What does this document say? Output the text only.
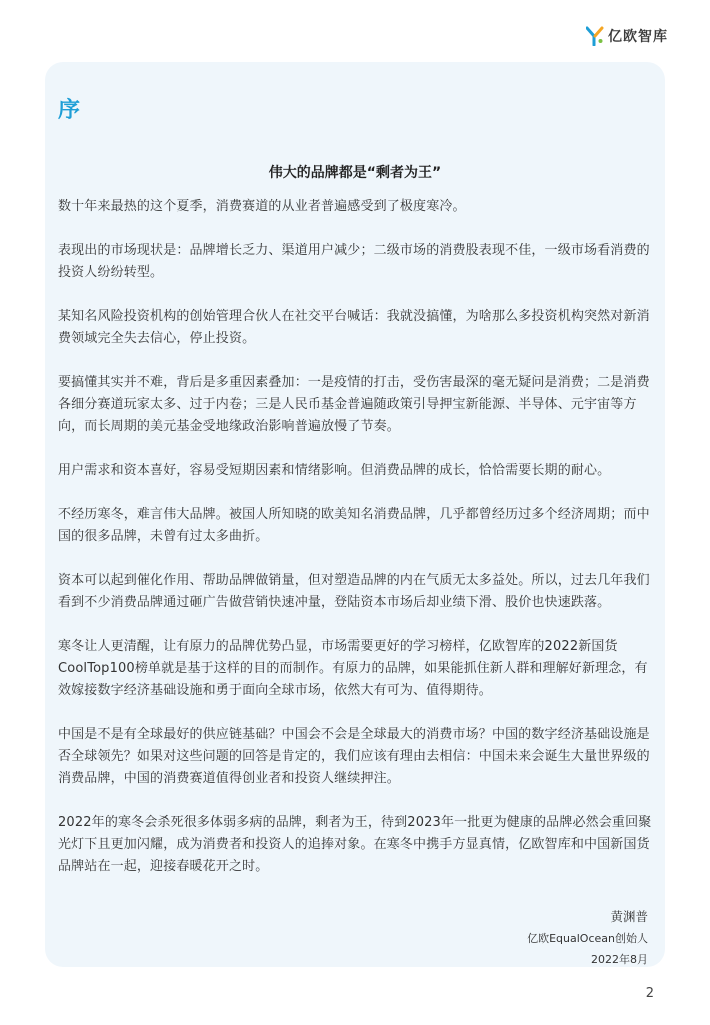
亿欧智库
序
伟大的品牌都是“剩者为王”
数十年来最热的这个夏季，消费赛道的从业者普遍感受到了极度寒冷。
表现出的市场现状是：品牌增长乏力、渠道用户减少；二级市场的消费股表现不佳，一级市场看消费的投资人纷纷转型。
某知名风险投资机构的创始管理合伙人在社交平台喊话：我就没搞懂，为啥那么多投资机构突然对新消费领域完全失去信心，停止投资。
要搞懂其实并不难，背后是多重因素叠加：一是疫情的打击，受伤害最深的毫无疑问是消费；二是消费各细分赛道玩家太多、过于内卷；三是人民币基金普遍随政策引导押宝新能源、半导体、元宇宙等方向，而长周期的美元基金受地缘政治影响普遍放慢了节奏。
用户需求和资本喜好，容易受短期因素和情绪影响。但消费品牌的成长，恰恰需要长期的耐心。
不经历寒冬，难言伟大品牌。被国人所知晓的欧美知名消费品牌，几乎都曾经历过多个经济周期；而中国的很多品牌，未曾有过太多曲折。
资本可以起到催化作用、帮助品牌做销量，但对塑造品牌的内在气质无太多益处。所以，过去几年我们看到不少消费品牌通过砸广告做营销快速冲量，登陆资本市场后却业绩下滑、股价也快速跌落。
寒冬让人更清醒，让有原力的品牌优势凸显，市场需要更好的学习榜样，亿欧智库的2022新国货CoolTop100榜单就是基于这样的目的而制作。有原力的品牌，如果能抓住新人群和理解好新理念，有效嫁接数字经济基础设施和勇于面向全球市场，依然大有可为、值得期待。
中国是不是有全球最好的供应链基础？中国会不会是全球最大的消费市场？中国的数字经济基础设施是否全球领先？如果对这些问题的回答是肯定的，我们应该有理由去相信：中国未来会诞生大量世界级的消费品牌，中国的消费赛道值得创业者和投资人继续押注。
2022年的寒冬会杀死很多体弱多病的品牌，剩者为王，待到2023年一批更为健康的品牌必然会重回聚光灯下且更加闪耀，成为消费者和投资人的追捧对象。在寒冬中携手方显真情，亿欧智库和中国新国货品牌站在一起，迎接春暖花开之时。
黄渊普
亿欧EqualOcean创始人
2022年8月
2
